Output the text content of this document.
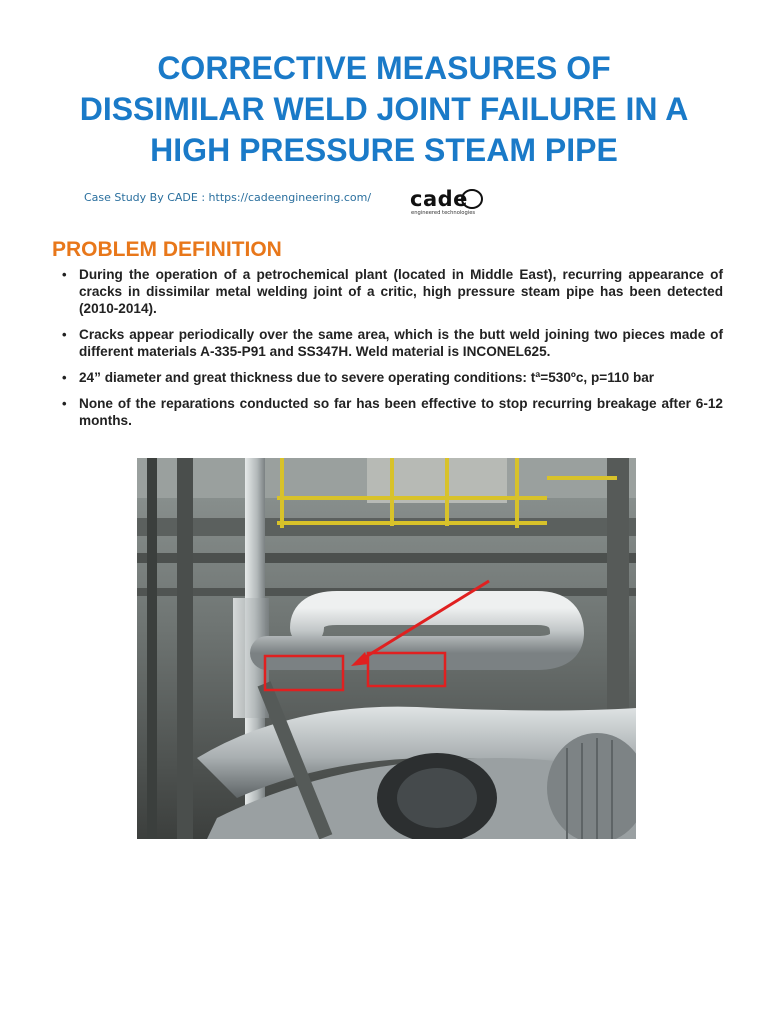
CORRECTIVE MEASURES OF
DISSIMILAR WELD JOINT FAILURE IN A
HIGH PRESSURE STEAM PIPE
Case Study By CADE : https://cadeengineering.com/ cade
engineered technologies
PROBLEM DEFINITION
• During the operation of a petrochemical plant (located in Middle East), recurring appearance of cracks in dissimilar metal welding joint of a critic, high pressure steam pipe has been detected (2010-2014).
• Cracks appear periodically over the same area, which is the butt weld joining two pieces made of different materials A-335-P91 and SS347H. Weld material is INCONEL625.
• 24” diameter and great thickness due to severe operating conditions: tª=530ºc, p=110 bar
• None of the reparations conducted so far has been effective to stop recurring breakage after 6-12 months.
